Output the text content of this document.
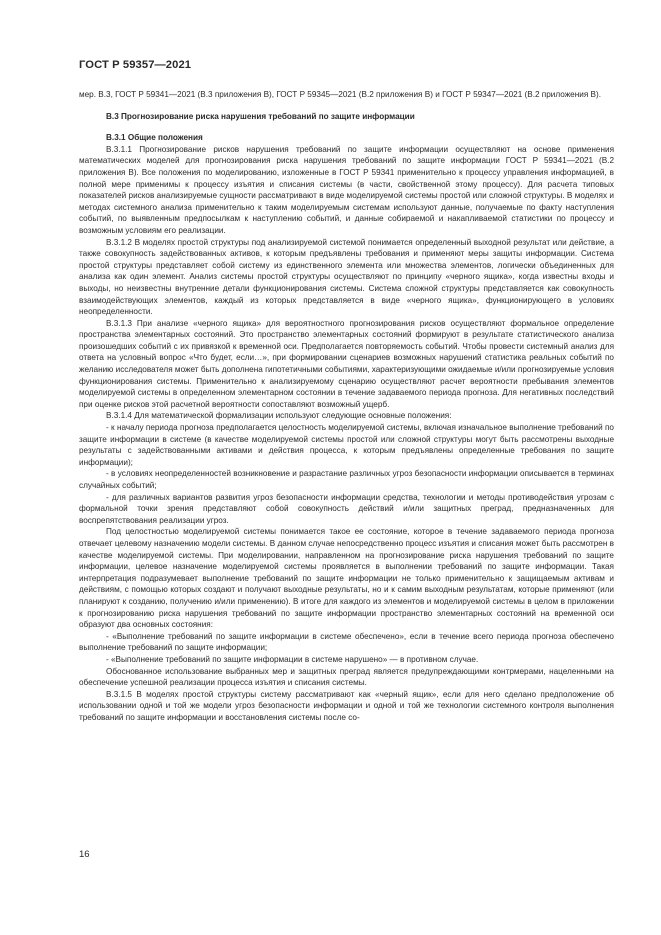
ГОСТ Р 59357—2021

мер. В.3, ГОСТ Р 59341—2021 (В.3 приложения В), ГОСТ Р 59345—2021 (В.2 приложения В) и ГОСТ Р 59347—2021 (В.2 приложения В).

В.3 Прогнозирование риска нарушения требований по защите информации

В.3.1 Общие положения

В.3.1.1 Прогнозирование рисков нарушения требований по защите информации осуществляют на основе применения математических моделей для прогнозирования риска нарушения требований по защите информации ГОСТ Р 59341—2021 (В.2 приложения В). Все положения по моделированию, изложенные в ГОСТ Р 59341 применительно к процессу управления информацией, в полной мере применимы к процессу изъятия и списания системы (в части, свойственной этому процессу). Для расчета типовых показателей рисков анализируемые сущности рассматривают в виде моделируемой системы простой или сложной структуры. В моделях и методах системного анализа применительно к таким моделируемым системам используют данные, получаемые по факту наступления событий, по выявленным предпосылкам к наступлению событий, и данные собираемой и накапливаемой статистики по процессу и возможным условиям его реализации.

В.3.1.2 В моделях простой структуры под анализируемой системой понимается определенный выходной результат или действие, а также совокупность задействованных активов, к которым предъявлены требования и применяют меры защиты информации. Система простой структуры представляет собой систему из единственного элемента или множества элементов, логически объединенных для анализа как один элемент. Анализ системы простой структуры осуществляют по принципу «черного ящика», когда известны входы и выходы, но неизвестны внутренние детали функционирования системы. Система сложной структуры представляется как совокупность взаимодействующих элементов, каждый из которых представляется в виде «черного ящика», функционирующего в условиях неопределенности.

В.3.1.3 При анализе «черного ящика» для вероятностного прогнозирования рисков осуществляют формальное определение пространства элементарных состояний. Это пространство элементарных состояний формируют в результате статистического анализа произошедших событий с их привязкой к временной оси. Предполагается повторяемость событий. Чтобы провести системный анализ для ответа на условный вопрос «Что будет, если…», при формировании сценариев возможных нарушений статистика реальных событий по желанию исследователя может быть дополнена гипотетичными событиями, характеризующими ожидаемые и/или прогнозируемые условия функционирования системы. Применительно к анализируемому сценарию осуществляют расчет вероятности пребывания элементов моделируемой системы в определенном элементарном состоянии в течение задаваемого периода прогноза. Для негативных последствий при оценке рисков этой расчетной вероятности сопоставляют возможный ущерб.

В.3.1.4 Для математической формализации используют следующие основные положения:

- к началу периода прогноза предполагается целостность моделируемой системы, включая изначальное выполнение требований по защите информации в системе (в качестве моделируемой системы простой или сложной структуры могут быть рассмотрены выходные результаты с задействованными активами и действия процесса, к которым предъявлены определенные требования по защите информации);

- в условиях неопределенностей возникновение и разрастание различных угроз безопасности информации описывается в терминах случайных событий;

- для различных вариантов развития угроз безопасности информации средства, технологии и методы противодействия угрозам с формальной точки зрения представляют собой совокупность действий и/или защитных преград, предназначенных для воспрепятствования реализации угроз.

Под целостностью моделируемой системы понимается такое ее состояние, которое в течение задаваемого периода прогноза отвечает целевому назначению модели системы. В данном случае непосредственно процесс изъятия и списания может быть рассмотрен в качестве моделируемой системы. При моделировании, направленном на прогнозирование риска нарушения требований по защите информации, целевое назначение моделируемой системы проявляется в выполнении требований по защите информации. Такая интерпретация подразумевает выполнение требований по защите информации не только применительно к защищаемым активам и действиям, с помощью которых создают и получают выходные результаты, но и к самим выходным результатам, которые применяют (или планируют к созданию, получению и/или применению). В итоге для каждого из элементов и моделируемой системы в целом в приложении к прогнозированию риска нарушения требований по защите информации пространство элементарных состояний на временной оси образуют два основных состояния:

- «Выполнение требований по защите информации в системе обеспечено», если в течение всего периода прогноза обеспечено выполнение требований по защите информации;

- «Выполнение требований по защите информации в системе нарушено» — в противном случае.

Обоснованное использование выбранных мер и защитных преград является предупреждающими контрмерами, нацеленными на обеспечение успешной реализации процесса изъятия и списания системы.

В.3.1.5 В моделях простой структуры систему рассматривают как «черный ящик», если для него сделано предположение об использовании одной и той же модели угроз безопасности информации и одной и той же технологии системного контроля выполнения требований по защите информации и восстановления системы после со-

16
